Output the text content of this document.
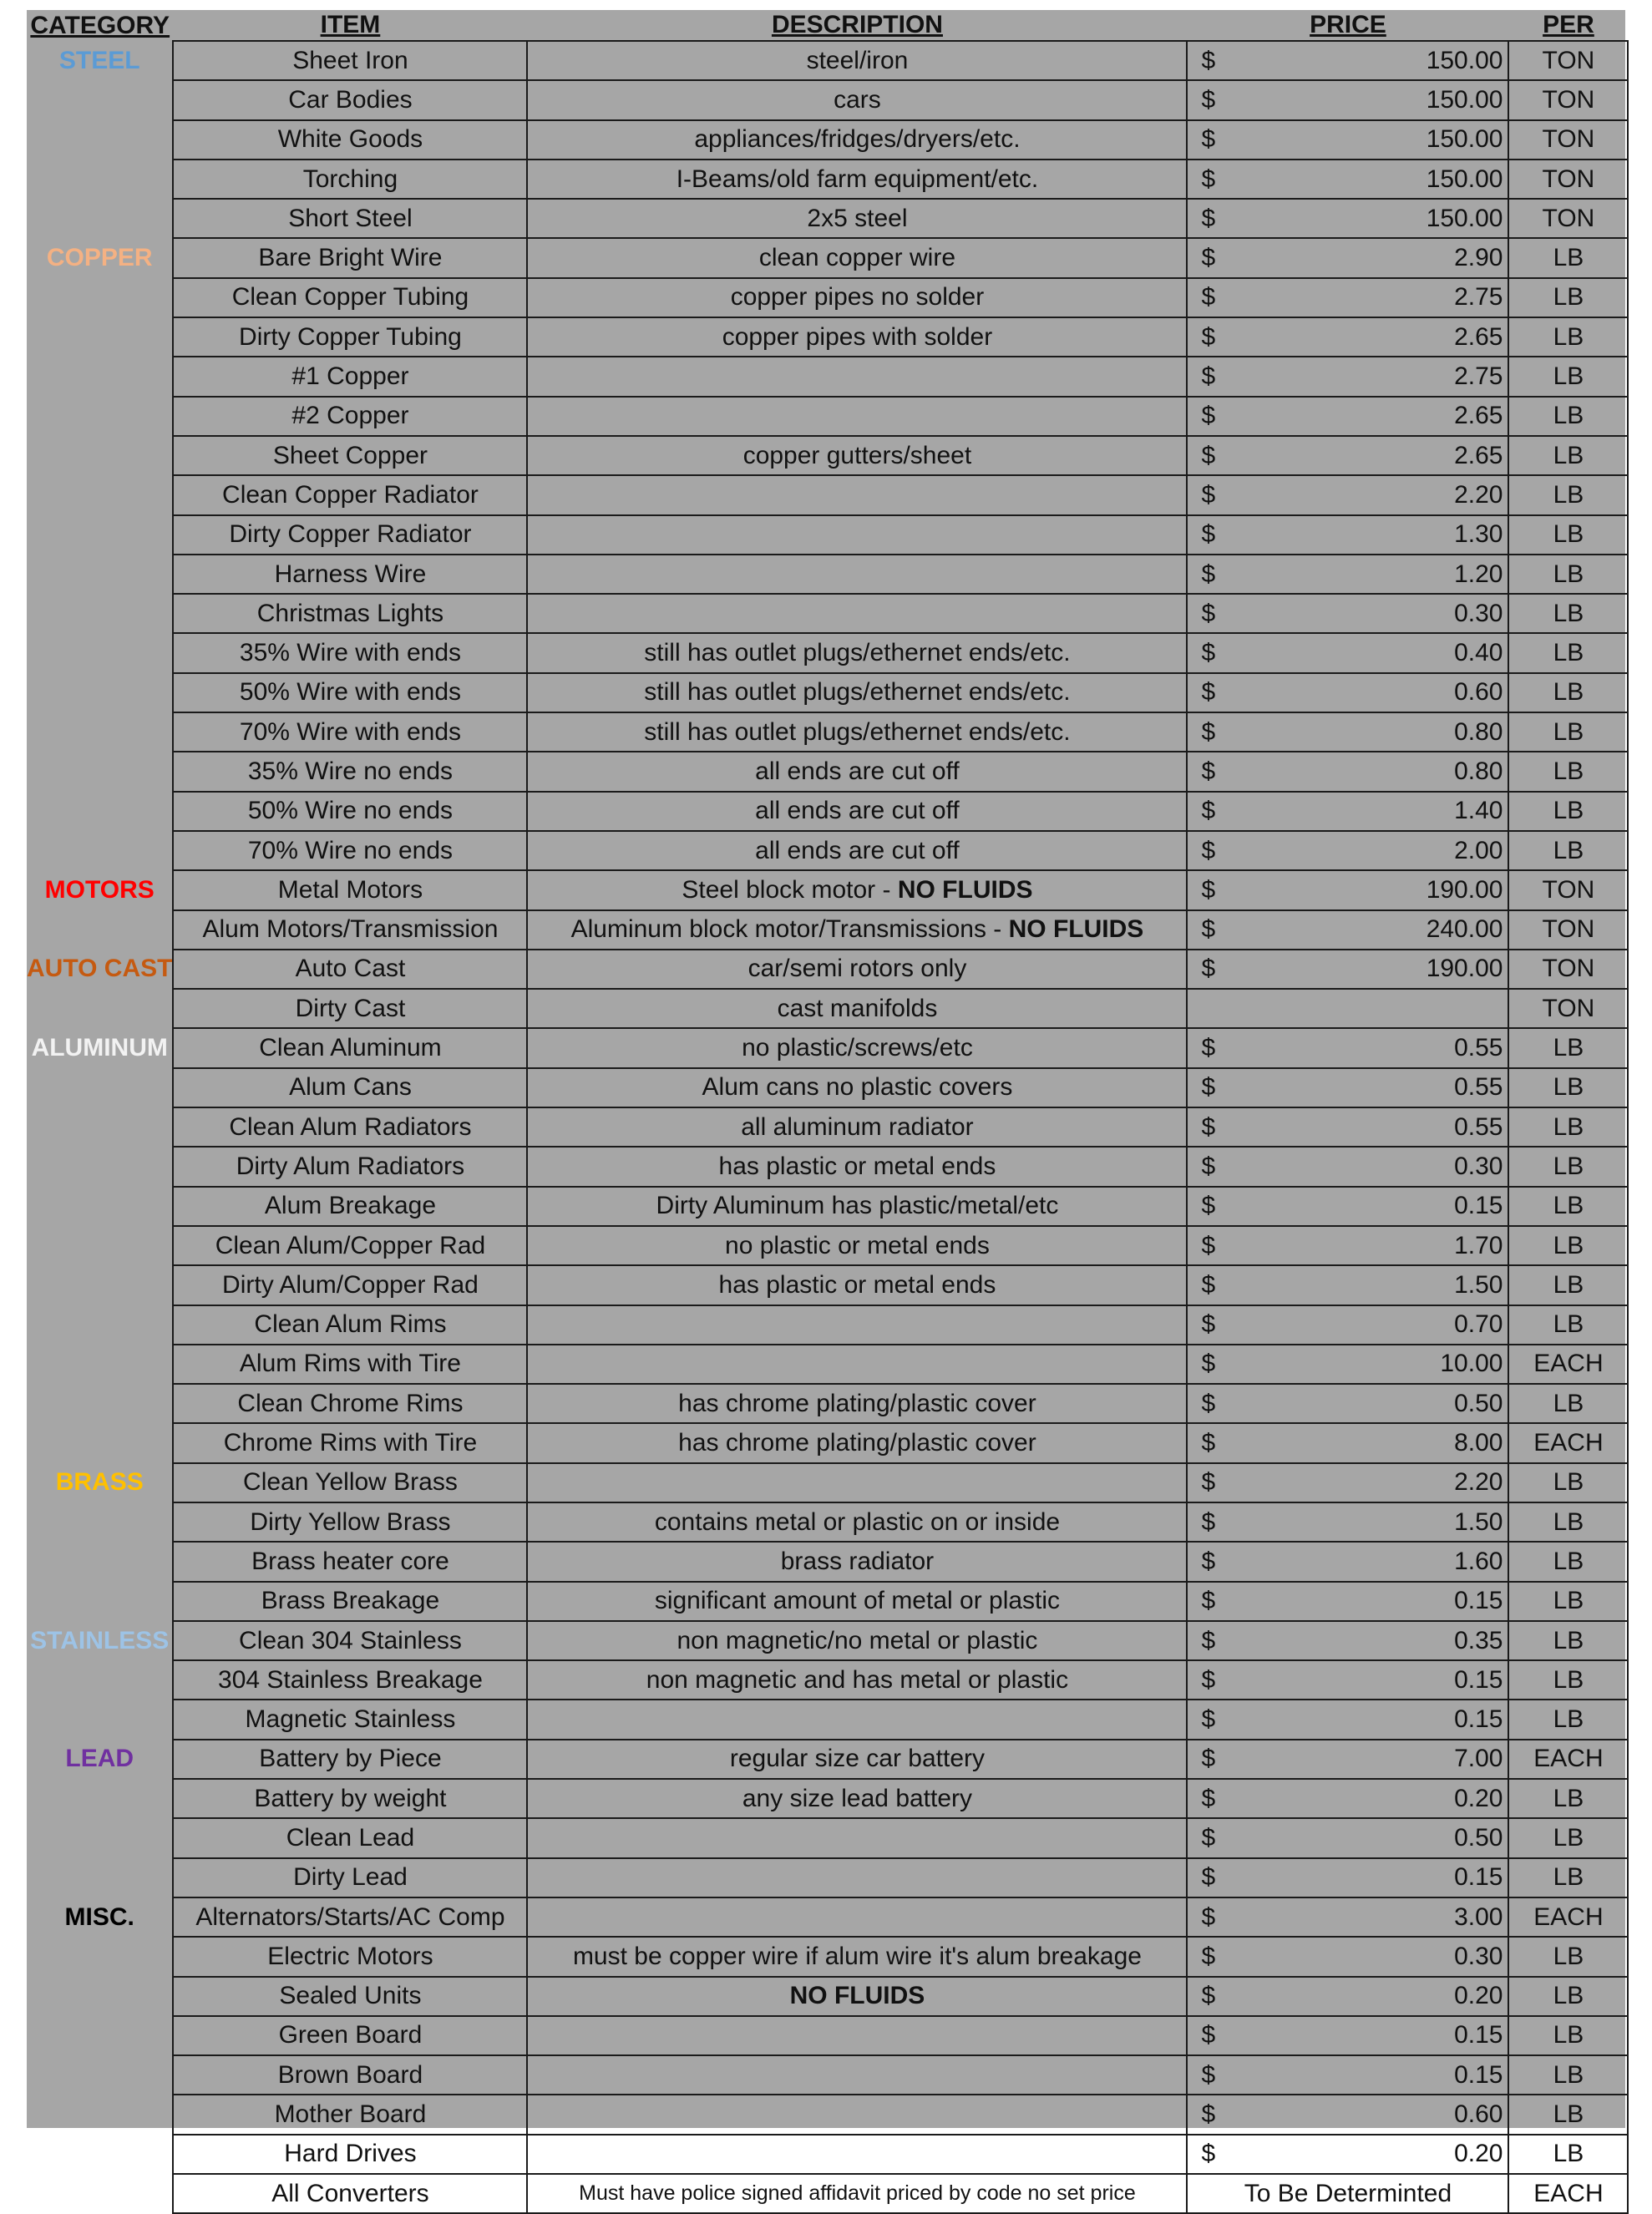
CATEGORY	ITEM	DESCRIPTION	PRICE		PER
STEEL	Sheet Iron	steel/iron	$	150.00	TON
	Car Bodies	cars	$	150.00	TON
	White Goods	appliances/fridges/dryers/etc.	$	150.00	TON
	Torching	I-Beams/old farm equipment/etc.	$	150.00	TON
	Short Steel	2x5 steel	$	150.00	TON
COPPER	Bare Bright Wire	clean copper wire	$	2.90	LB
	Clean Copper Tubing	copper pipes no solder	$	2.75	LB
	Dirty Copper Tubing	copper pipes with solder	$	2.65	LB
	#1 Copper		$	2.75	LB
	#2 Copper		$	2.65	LB
	Sheet Copper	copper gutters/sheet	$	2.65	LB
	Clean Copper Radiator		$	2.20	LB
	Dirty Copper Radiator		$	1.30	LB
	Harness Wire		$	1.20	LB
	Christmas Lights		$	0.30	LB
	35% Wire with ends	still has outlet plugs/ethernet ends/etc.	$	0.40	LB
	50% Wire with ends	still has outlet plugs/ethernet ends/etc.	$	0.60	LB
	70% Wire with ends	still has outlet plugs/ethernet ends/etc.	$	0.80	LB
	35% Wire no ends	all ends are cut off	$	0.80	LB
	50% Wire no ends	all ends are cut off	$	1.40	LB
	70% Wire no ends	all ends are cut off	$	2.00	LB
MOTORS	Metal Motors	Steel block motor - NO FLUIDS	$	190.00	TON
	Alum Motors/Transmission	Aluminum block motor/Transmissions - NO FLUIDS	$	240.00	TON
AUTO CAST	Auto Cast	car/semi rotors only	$	190.00	TON
	Dirty Cast	cast manifolds			TON
ALUMINUM	Clean Aluminum	no plastic/screws/etc	$	0.55	LB
	Alum Cans	Alum cans no plastic covers	$	0.55	LB
	Clean Alum Radiators	all aluminum radiator	$	0.55	LB
	Dirty Alum Radiators	has plastic or metal ends	$	0.30	LB
	Alum Breakage	Dirty Aluminum has plastic/metal/etc	$	0.15	LB
	Clean Alum/Copper Rad	no plastic or metal ends	$	1.70	LB
	Dirty Alum/Copper Rad	has plastic or metal ends	$	1.50	LB
	Clean Alum Rims		$	0.70	LB
	Alum Rims with Tire		$	10.00	EACH
	Clean Chrome Rims	has chrome plating/plastic cover	$	0.50	LB
	Chrome Rims with Tire	has chrome plating/plastic cover	$	8.00	EACH
BRASS	Clean Yellow Brass		$	2.20	LB
	Dirty Yellow Brass	contains metal or plastic on or inside	$	1.50	LB
	Brass heater core	brass radiator	$	1.60	LB
	Brass Breakage	significant amount of metal or plastic	$	0.15	LB
STAINLESS	Clean 304 Stainless	non magnetic/no metal or plastic	$	0.35	LB
	304 Stainless Breakage	non magnetic and has metal or plastic	$	0.15	LB
	Magnetic Stainless		$	0.15	LB
LEAD	Battery by Piece	regular size car battery	$	7.00	EACH
	Battery by weight	any size lead battery	$	0.20	LB
	Clean Lead		$	0.50	LB
	Dirty Lead		$	0.15	LB
MISC.	Alternators/Starts/AC Comp		$	3.00	EACH
	Electric Motors	must be copper wire if alum wire it's alum breakage	$	0.30	LB
	Sealed Units	NO FLUIDS	$	0.20	LB
	Green Board		$	0.15	LB
	Brown Board		$	0.15	LB
	Mother Board		$	0.60	LB
	Hard Drives		$	0.20	LB
	All Converters	Must have police signed affidavit priced by code no set price	To Be Determinted		EACH
